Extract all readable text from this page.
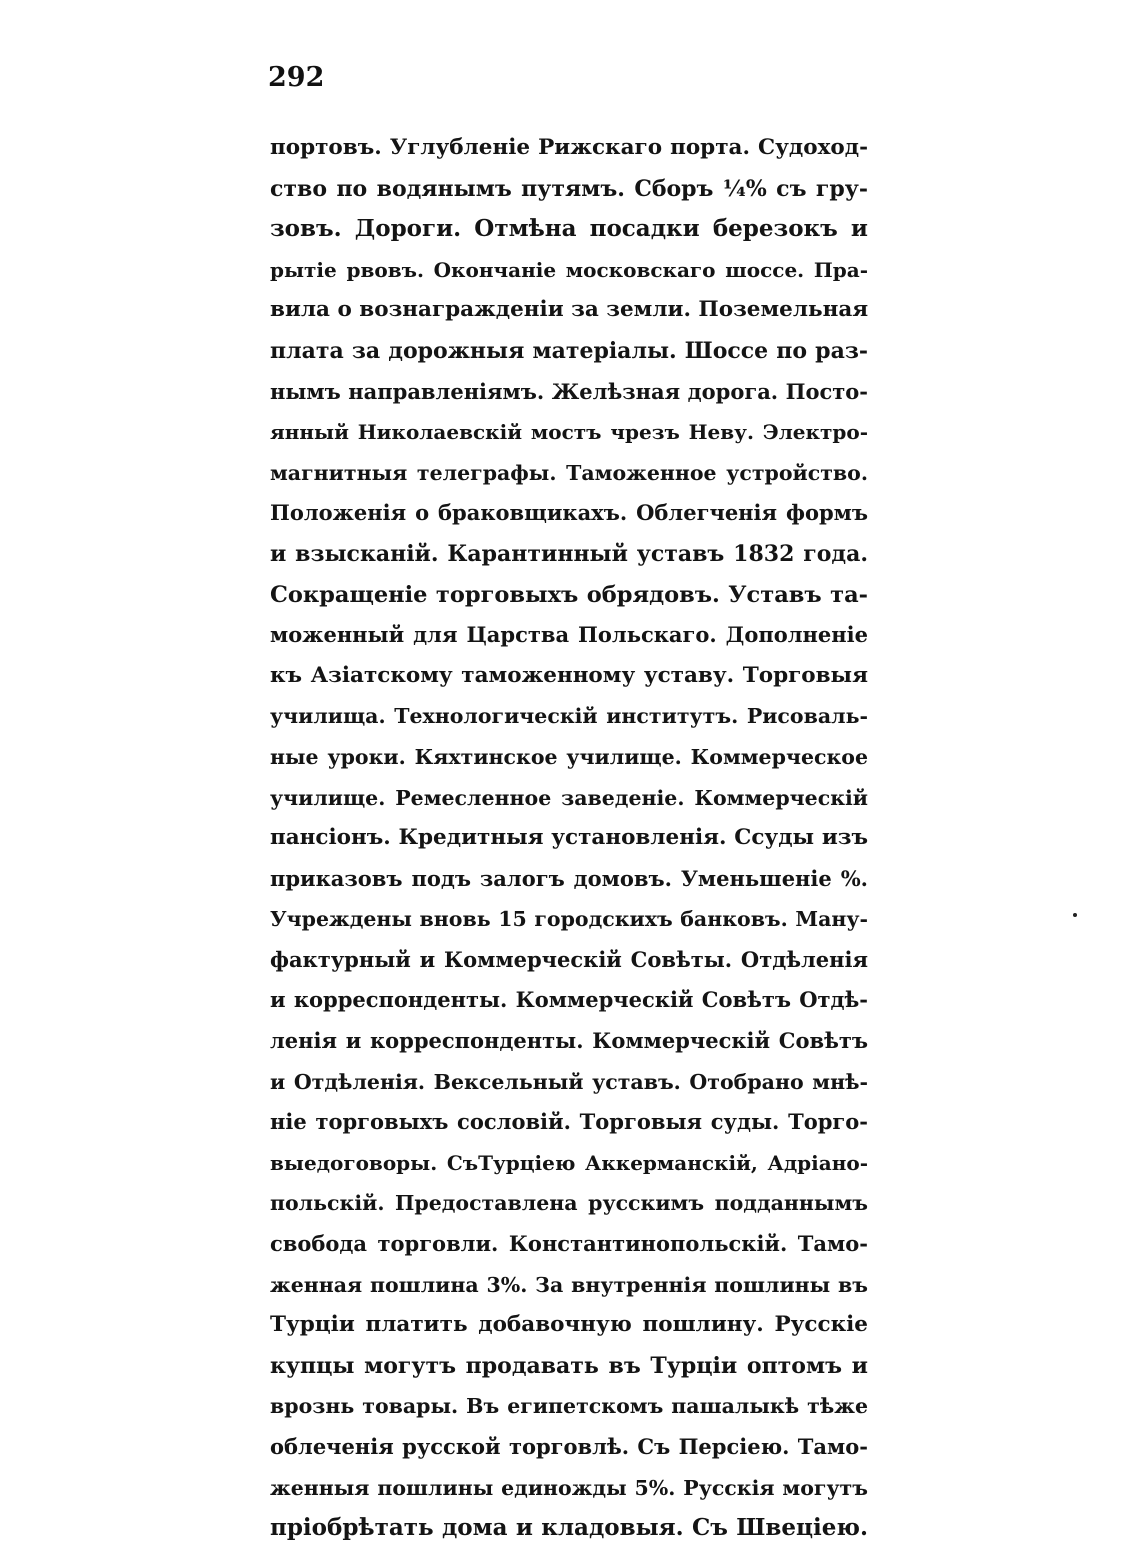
292
портовъ. Углубленіе Рижскаго порта. Судоход-
ство по водянымъ путямъ. Сборъ ¼% съ гру-
зовъ. Дороги. Отмѣна посадки березокъ и
рытіе рвовъ. Окончаніе московскаго шоссе. Пра-
вила о вознагражденіи за земли. Поземельная
плата за дорожныя матеріалы. Шоссе по раз-
нымъ направленіямъ. Желѣзная дорога. Посто-
янный Николаевскій мостъ чрезъ Неву. Электро-
магнитныя телеграфы. Таможенное устройство.
Положенія о браковщикахъ. Облегченія формъ
и взысканій. Карантинный уставъ 1832 года.
Сокращеніе торговыхъ обрядовъ. Уставъ та-
моженный для Царства Польскаго. Дополненіе
къ Азіатскому таможенному уставу. Торговыя
училища. Технологическій институтъ. Рисоваль-
ные уроки. Кяхтинское училище. Коммерческое
училище. Ремесленное заведеніе. Коммерческій
пансіонъ. Кредитныя установленія. Ссуды изъ
приказовъ подъ залогъ домовъ. Уменьшеніе %.
Учреждены вновь 15 городскихъ банковъ. Ману-
фактурный и Коммерческій Совѣты. Отдѣленія
и корреспонденты. Коммерческій Совѣтъ Отдѣ-
ленія и корреспонденты. Коммерческій Совѣтъ
и Отдѣленія. Вексельный уставъ. Отобрано мнѣ-
ніе торговыхъ сословій. Торговыя суды. Торго-
выедоговоры. СъТурціею Аккерманскій, Адріано-
польскій. Предоставлена русскимъ подданнымъ
свобода торговли. Константинопольскій. Тамо-
женная пошлина 3%. За внутреннія пошлины въ
Турціи платить добавочную пошлину. Русскіе
купцы могутъ продавать въ Турціи оптомъ и
врознь товары. Въ египетскомъ пашалыкѣ тѣже
облеченія русской торговлѣ. Съ Персіею. Тамо-
женныя пошлины единожды 5%. Русскія могутъ
пріобрѣтать дома и кладовыя. Съ Швеціею.
